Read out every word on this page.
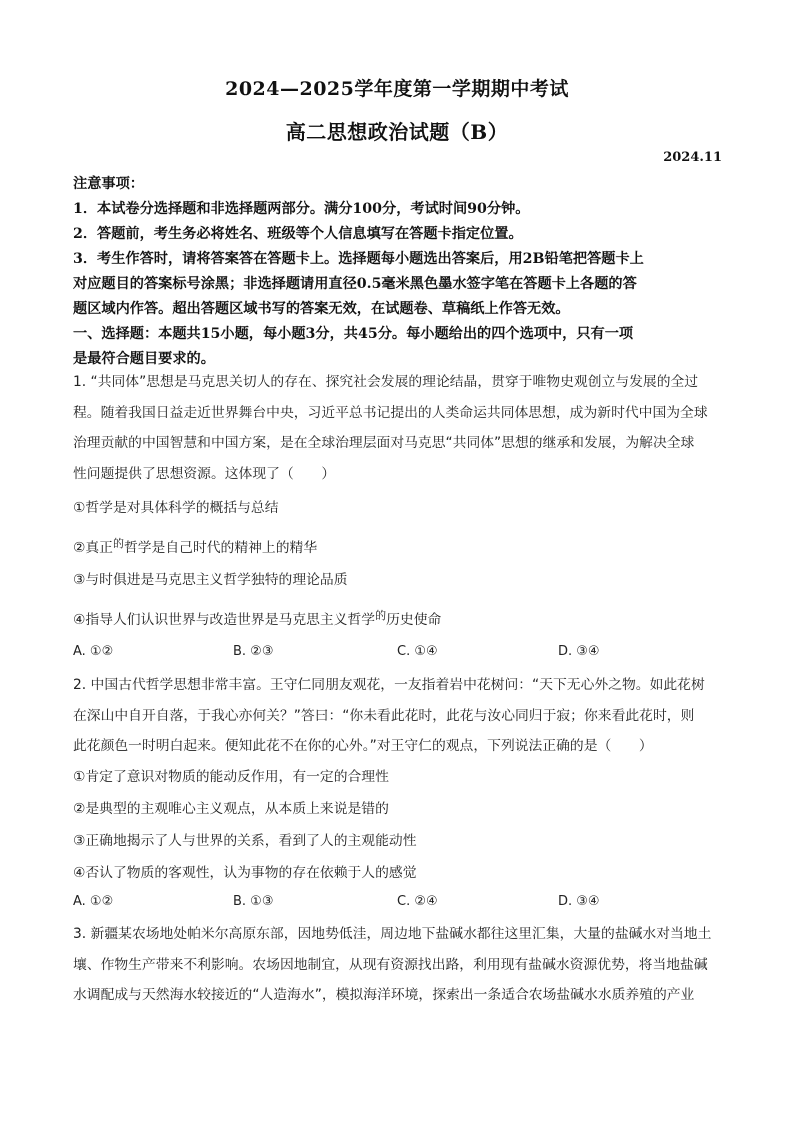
2024—2025学年度第一学期期中考试
高二思想政治试题（B）
2024.11
注意事项：
1．本试卷分选择题和非选择题两部分。满分100分，考试时间90分钟。
2．答题前，考生务必将姓名、班级等个人信息填写在答题卡指定位置。
3．考生作答时，请将答案答在答题卡上。选择题每小题选出答案后，用2B铅笔把答题卡上
对应题目的答案标号涂黑；非选择题请用直径0.5毫米黑色墨水签字笔在答题卡上各题的答
题区域内作答。超出答题区域书写的答案无效，在试题卷、草稿纸上作答无效。
一、选择题：本题共15小题，每小题3分，共45分。每小题给出的四个选项中，只有一项
是最符合题目要求的。

1. “共同体”思想是马克思关切人的存在、探究社会发展的理论结晶，贯穿于唯物史观创立与发展的全过

程。随着我国日益走近世界舞台中央，习近平总书记提出的人类命运共同体思想，成为新时代中国为全球

治理贡献的中国智慧和中国方案，是在全球治理层面对马克思“共同体”思想的继承和发展，为解决全球

性问题提供了思想资源。这体现了（　　）

①哲学是对具体科学的概括与总结

②真正$^的$哲学是自己时代的精神上的精华

③与时俱进是马克思主义哲学独特的理论品质

④指导人们认识世界与改造世界是马克思主义哲学$^的$历史使命

A. ①②	B. ②③	C. ①④	D. ③④

2. 中国古代哲学思想非常丰富。王守仁同朋友观花，一友指着岩中花树问：“天下无心外之物。如此花树

在深山中自开自落，于我心亦何关？”答曰：“你未看此花时，此花与汝心同归于寂；你来看此花时，则

此花颜色一时明白起来。便知此花不在你的心外。”对王守仁的观点，下列说法正确的是（　　）

①肯定了意识对物质的能动反作用，有一定的合理性

②是典型的主观唯心主义观点，从本质上来说是错的

③正确地揭示了人与世界的关系，看到了人的主观能动性

④否认了物质的客观性，认为事物的存在依赖于人的感觉

A. ①②	B. ①③	C. ②④	D. ③④

3. 新疆某农场地处帕米尔高原东部，因地势低洼，周边地下盐碱水都往这里汇集，大量的盐碱水对当地土

壤、作物生产带来不利影响。农场因地制宜，从现有资源找出路，利用现有盐碱水资源优势，将当地盐碱

水调配成与天然海水较接近的“人造海水”，模拟海洋环境，探索出一条适合农场盐碱水水质养殖的产业
